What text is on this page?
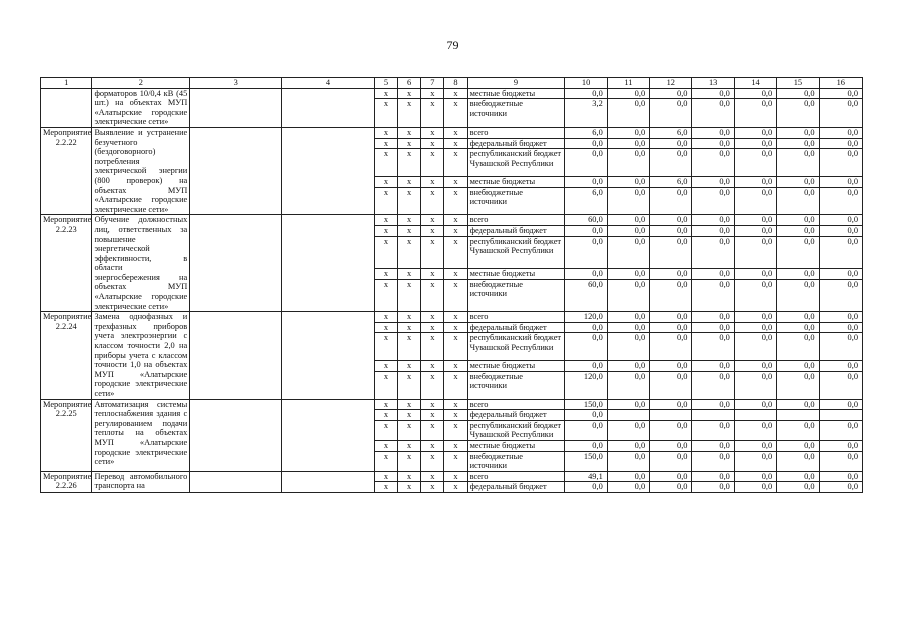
79
1	2	3	4	5	6	7	8	9	10	11	12	13	14	15	16
	форматоров 10/0,4 кВ (45 шт.) на объектах МУП «Алатырские городские электрические сети»			x	x	x	x	местные бюджеты	0,0	0,0	0,0	0,0	0,0	0,0	0,0
				x	x	x	x	внебюджетные источники	3,2	0,0	0,0	0,0	0,0	0,0	0,0

Мероприятие 2.2.22	Выявление и устранение безучетного (бездоговорного) потребления электрической энергии (800 проверок) на объектах МУП «Алатырские городские электрические сети»			x	x	x	x	всего	6,0	0,0	6,0	0,0	0,0	0,0	0,0
				x	x	x	x	федеральный бюджет	0,0	0,0	0,0	0,0	0,0	0,0	0,0
				x	x	x	x	республиканский бюджет Чувашской Республики	0,0	0,0	0,0	0,0	0,0	0,0	0,0

				x	x	x	x	местные бюджеты	0,0	0,0	6,0	0,0	0,0	0,0	0,0
				x	x	x	x	внебюджетные источники	6,0	0,0	0,0	0,0	0,0	0,0	0,0

Мероприятие 2.2.23	Обучение должностных лиц, ответственных за повышение энергетической эффективности, в области энергосбережения на объектах МУП «Алатырские городские электрические сети»			x	x	x	x	всего	60,0	0,0	0,0	0,0	0,0	0,0	0,0
				x	x	x	x	федеральный бюджет	0,0	0,0	0,0	0,0	0,0	0,0	0,0
				x	x	x	x	республиканский бюджет Чувашской Республики	0,0	0,0	0,0	0,0	0,0	0,0	0,0

				x	x	x	x	местные бюджеты	0,0	0,0	0,0	0,0	0,0	0,0	0,0
				x	x	x	x	внебюджетные источники	60,0	0,0	0,0	0,0	0,0	0,0	0,0

Мероприятие 2.2.24	Замена однофазных и трехфазных приборов учета электроэнергии с классом точности 2,0 на приборы учета с классом точности 1,0 на объектах МУП «Алатырские городские электрические сети»			x	x	x	x	всего	120,0	0,0	0,0	0,0	0,0	0,0	0,0
				x	x	x	x	федеральный бюджет	0,0	0,0	0,0	0,0	0,0	0,0	0,0
				x	x	x	x	республиканский бюджет Чувашской Республики	0,0	0,0	0,0	0,0	0,0	0,0	0,0

				x	x	x	x	местные бюджеты	0,0	0,0	0,0	0,0	0,0	0,0	0,0
				x	x	x	x	внебюджетные источники	120,0	0,0	0,0	0,0	0,0	0,0	0,0

Мероприятие 2.2.25	Автоматизация системы теплоснабжения здания с регулированием подачи теплоты на объектах МУП «Алатырские городские электрические сети»			x	x	x	x	всего	150,0	0,0	0,0	0,0	0,0	0,0	0,0
				x	x	x	x	федеральный бюджет	0,0						
				x	x	x	x	республиканский бюджет Чувашской Республики	0,0	0,0	0,0	0,0	0,0	0,0	0,0

				x	x	x	x	местные бюджеты	0,0	0,0	0,0	0,0	0,0	0,0	0,0
				x	x	x	x	внебюджетные источники	150,0	0,0	0,0	0,0	0,0	0,0	0,0

Мероприятие 2.2.26	Перевод автомобильного транспорта на			x	x	x	x	всего	49,1	0,0	0,0	0,0	0,0	0,0	0,0
				x	x	x	x	федеральный бюджет	0,0	0,0	0,0	0,0	0,0	0,0	0,0
